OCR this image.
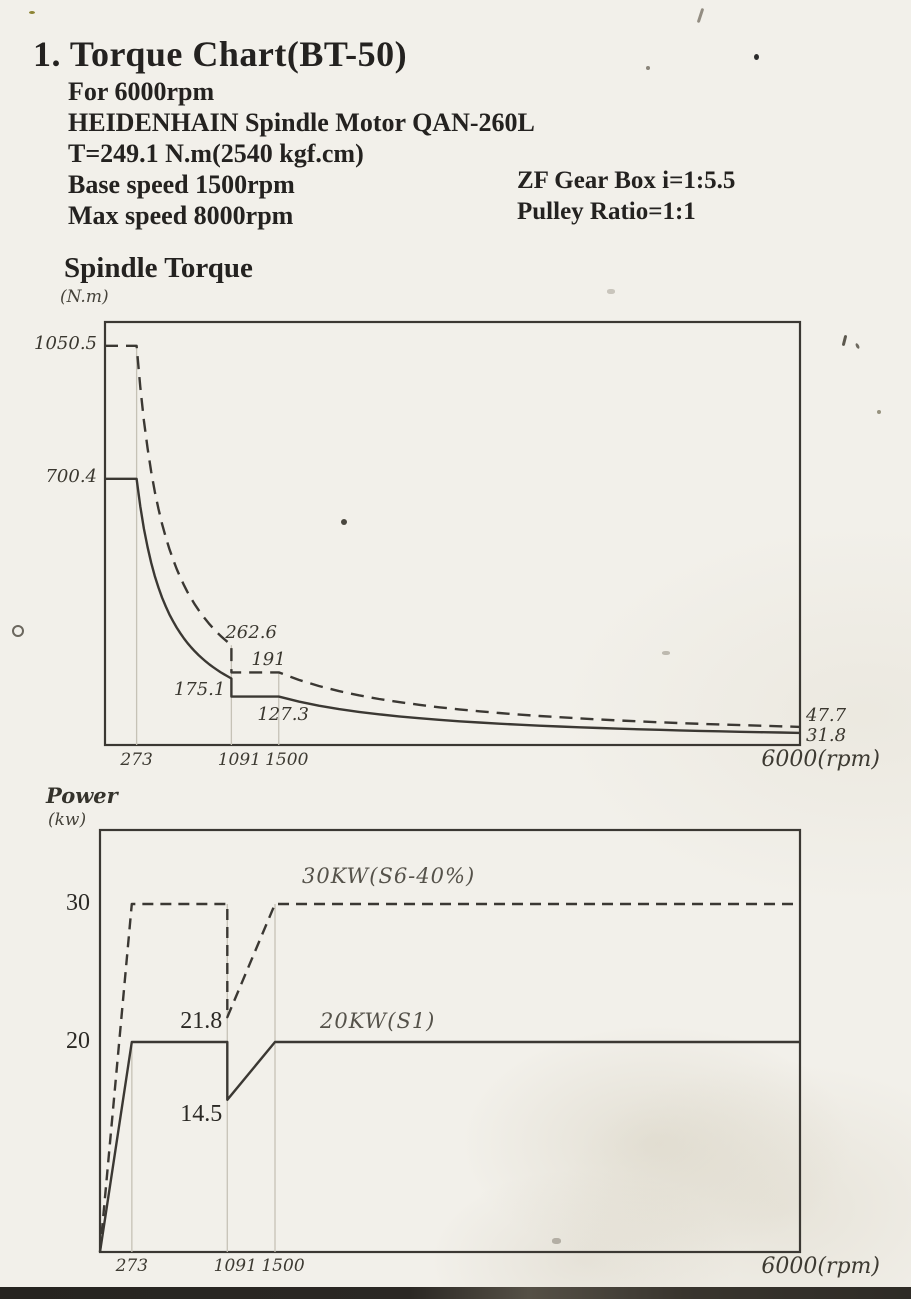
1. Torque Chart(BT-50)
For 6000rpm
HEIDENHAIN Spindle Motor QAN-260L
T=249.1 N.m(2540 kgf.cm)
Base speed 1500rpm
Max speed 8000rpm
ZF Gear Box i=1:5.5
Pulley Ratio=1:1
Spindle Torque
(N.m)
1050.5
700.4
262.6
191
175.1
127.3	47.7
31.8
273	1091 1500	6000(rpm)
Power
(kw)
30
20
30KW(S6-40%)
20KW(S1)
21.8
14.5
273	1091 1500	6000(rpm)
